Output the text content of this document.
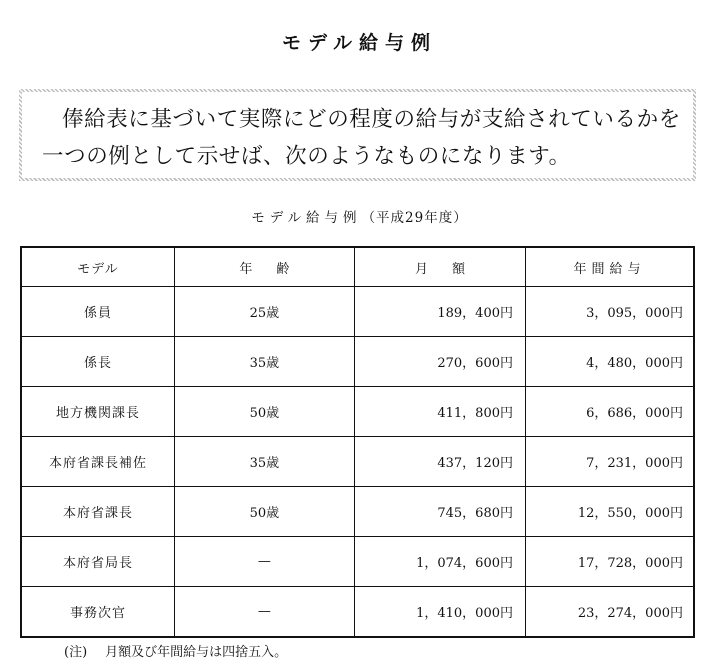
モデル給与例
俸給表に基づいて実際にどの程度の給与が支給されているかを
一つの例として示せば、次のようなものになります。
モデル給与例（平成29年度）
モデル	年齢	月額	年間給与
係員	25歳	189，400円	3，095，000円
係長	35歳	270，600円	4，480，000円
地方機関課長	50歳	411，800円	6，686，000円
本府省課長補佐	35歳	437，120円	7，231，000円
本府省課長	50歳	745，680円	12，550，000円
本府省局長	—	1，074，600円	17，728，000円
事務次官	—	1，410，000円	23，274，000円
(注) 月額及び年間給与は四捨五入。
